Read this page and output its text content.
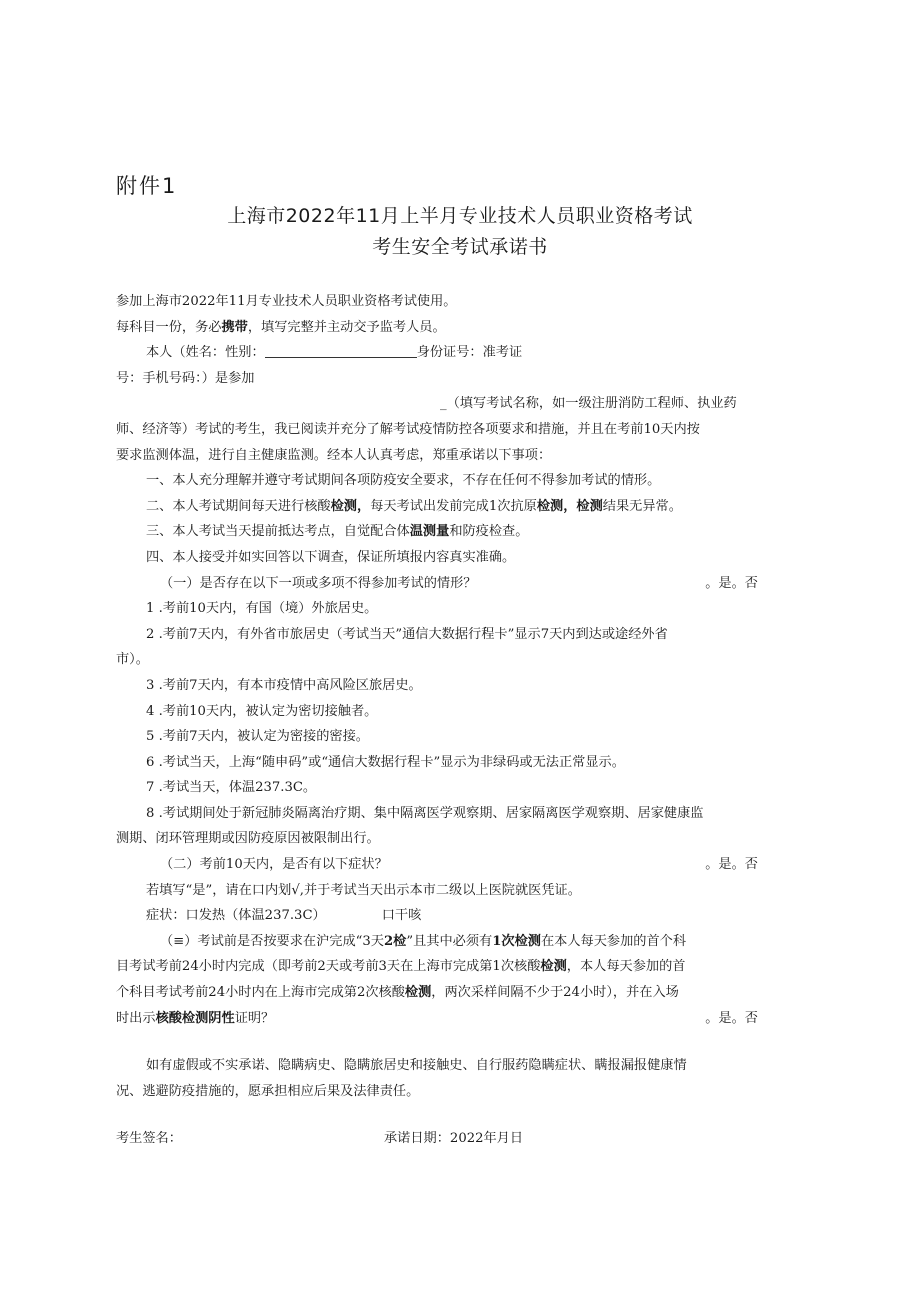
附件1
上海市2022年11月上半月专业技术人员职业资格考试
考生安全考试承诺书
参加上海市2022年11月专业技术人员职业资格考试使用。
每科目一份，务必携带，填写完整并主动交予监考人员。
本人（姓名：性别：	身份证号：准考证
号：手机号码：）是参加
_（填写考试名称，如一级注册消防工程师、执业药
师、经济等）考试的考生，我已阅读并充分了解考试疫情防控各项要求和措施，并且在考前10天内按
要求监测体温，进行自主健康监测。经本人认真考虑，郑重承诺以下事项：
一、本人充分理解并遵守考试期间各项防疫安全要求，不存在任何不得参加考试的情形。
二、本人考试期间每天进行核酸检测，每天考试出发前完成1次抗原检测，检测结果无异常。
三、本人考试当天提前抵达考点，自觉配合体温测量和防疫检查。
四、本人接受并如实回答以下调查，保证所填报内容真实准确。
（一）是否存在以下一项或多项不得参加考试的情形？	。是。否
1 .考前10天内，有国（境）外旅居史。
2 .考前7天内，有外省市旅居史（考试当天”通信大数据行程卡”显示7天内到达或途经外省
市）。
3 .考前7天内，有本市疫情中高风险区旅居史。
4 .考前10天内，被认定为密切接触者。
5 .考前7天内，被认定为密接的密接。
6 .考试当天，上海“随申码”或“通信大数据行程卡”显示为非绿码或无法正常显示。
7 .考试当天，体温237.3C。
8 .考试期间处于新冠肺炎隔离治疗期、集中隔离医学观察期、居家隔离医学观察期、居家健康监
测期、闭环管理期或因防疫原因被限制出行。
（二）考前10天内，是否有以下症状？	。是。否
若填写“是”，请在口内划√,并于考试当天出示本市二级以上医院就医凭证。
症状：口发热（体温237.3C）	口干咳
（≡）考试前是否按要求在沪完成“3天2检”且其中必须有1次检测在本人每天参加的首个科
目考试考前24小时内完成（即考前2天或考前3天在上海市完成第1次核酸检测，本人每天参加的首
个科目考试考前24小时内在上海市完成第2次核酸检测，两次采样间隔不少于24小时），并在入场
时出示核酸检测阴性证明？	。是。否
如有虚假或不实承诺、隐瞒病史、隐瞒旅居史和接触史、自行服药隐瞒症状、瞒报漏报健康情
况、逃避防疫措施的，愿承担相应后果及法律责任。
考生签名：	承诺日期：2022年月日
